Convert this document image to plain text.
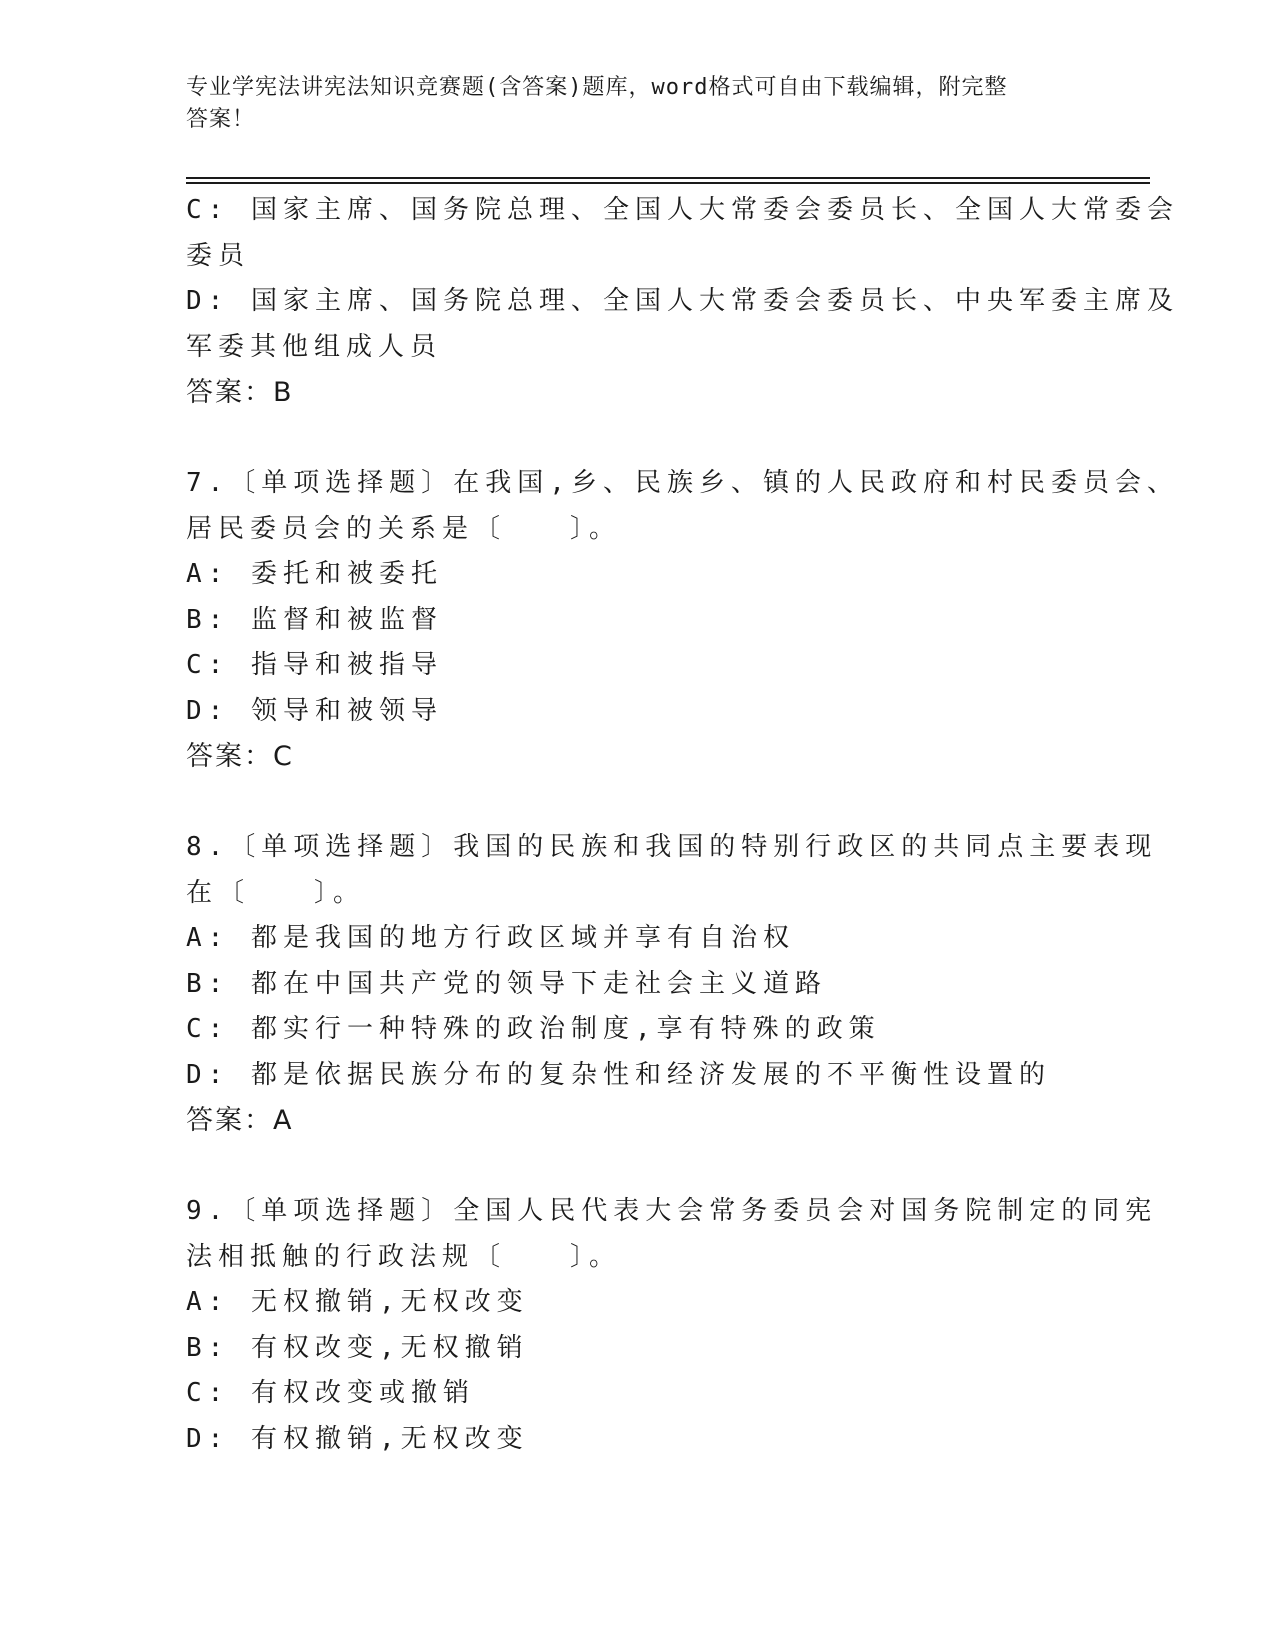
专业学宪法讲宪法知识竞赛题(含答案)题库，word格式可自由下载编辑，附完整
答案！
C: 国家主席、国务院总理、全国人大常委会委员长、全国人大常委会
委员
D: 国家主席、国务院总理、全国人大常委会委员长、中央军委主席及
军委其他组成人员
答案：B
7.〔单项选择题〕在我国,乡、民族乡、镇的人民政府和村民委员会、
居民委员会的关系是〔　　〕。
A: 委托和被委托
B: 监督和被监督
C: 指导和被指导
D: 领导和被领导
答案：C
8.〔单项选择题〕我国的民族和我国的特别行政区的共同点主要表现
在〔　　〕。
A: 都是我国的地方行政区域并享有自治权
B: 都在中国共产党的领导下走社会主义道路
C: 都实行一种特殊的政治制度,享有特殊的政策
D: 都是依据民族分布的复杂性和经济发展的不平衡性设置的
答案：A
9.〔单项选择题〕全国人民代表大会常务委员会对国务院制定的同宪
法相抵触的行政法规〔　　〕。
A: 无权撤销,无权改变
B: 有权改变,无权撤销
C: 有权改变或撤销
D: 有权撤销,无权改变
